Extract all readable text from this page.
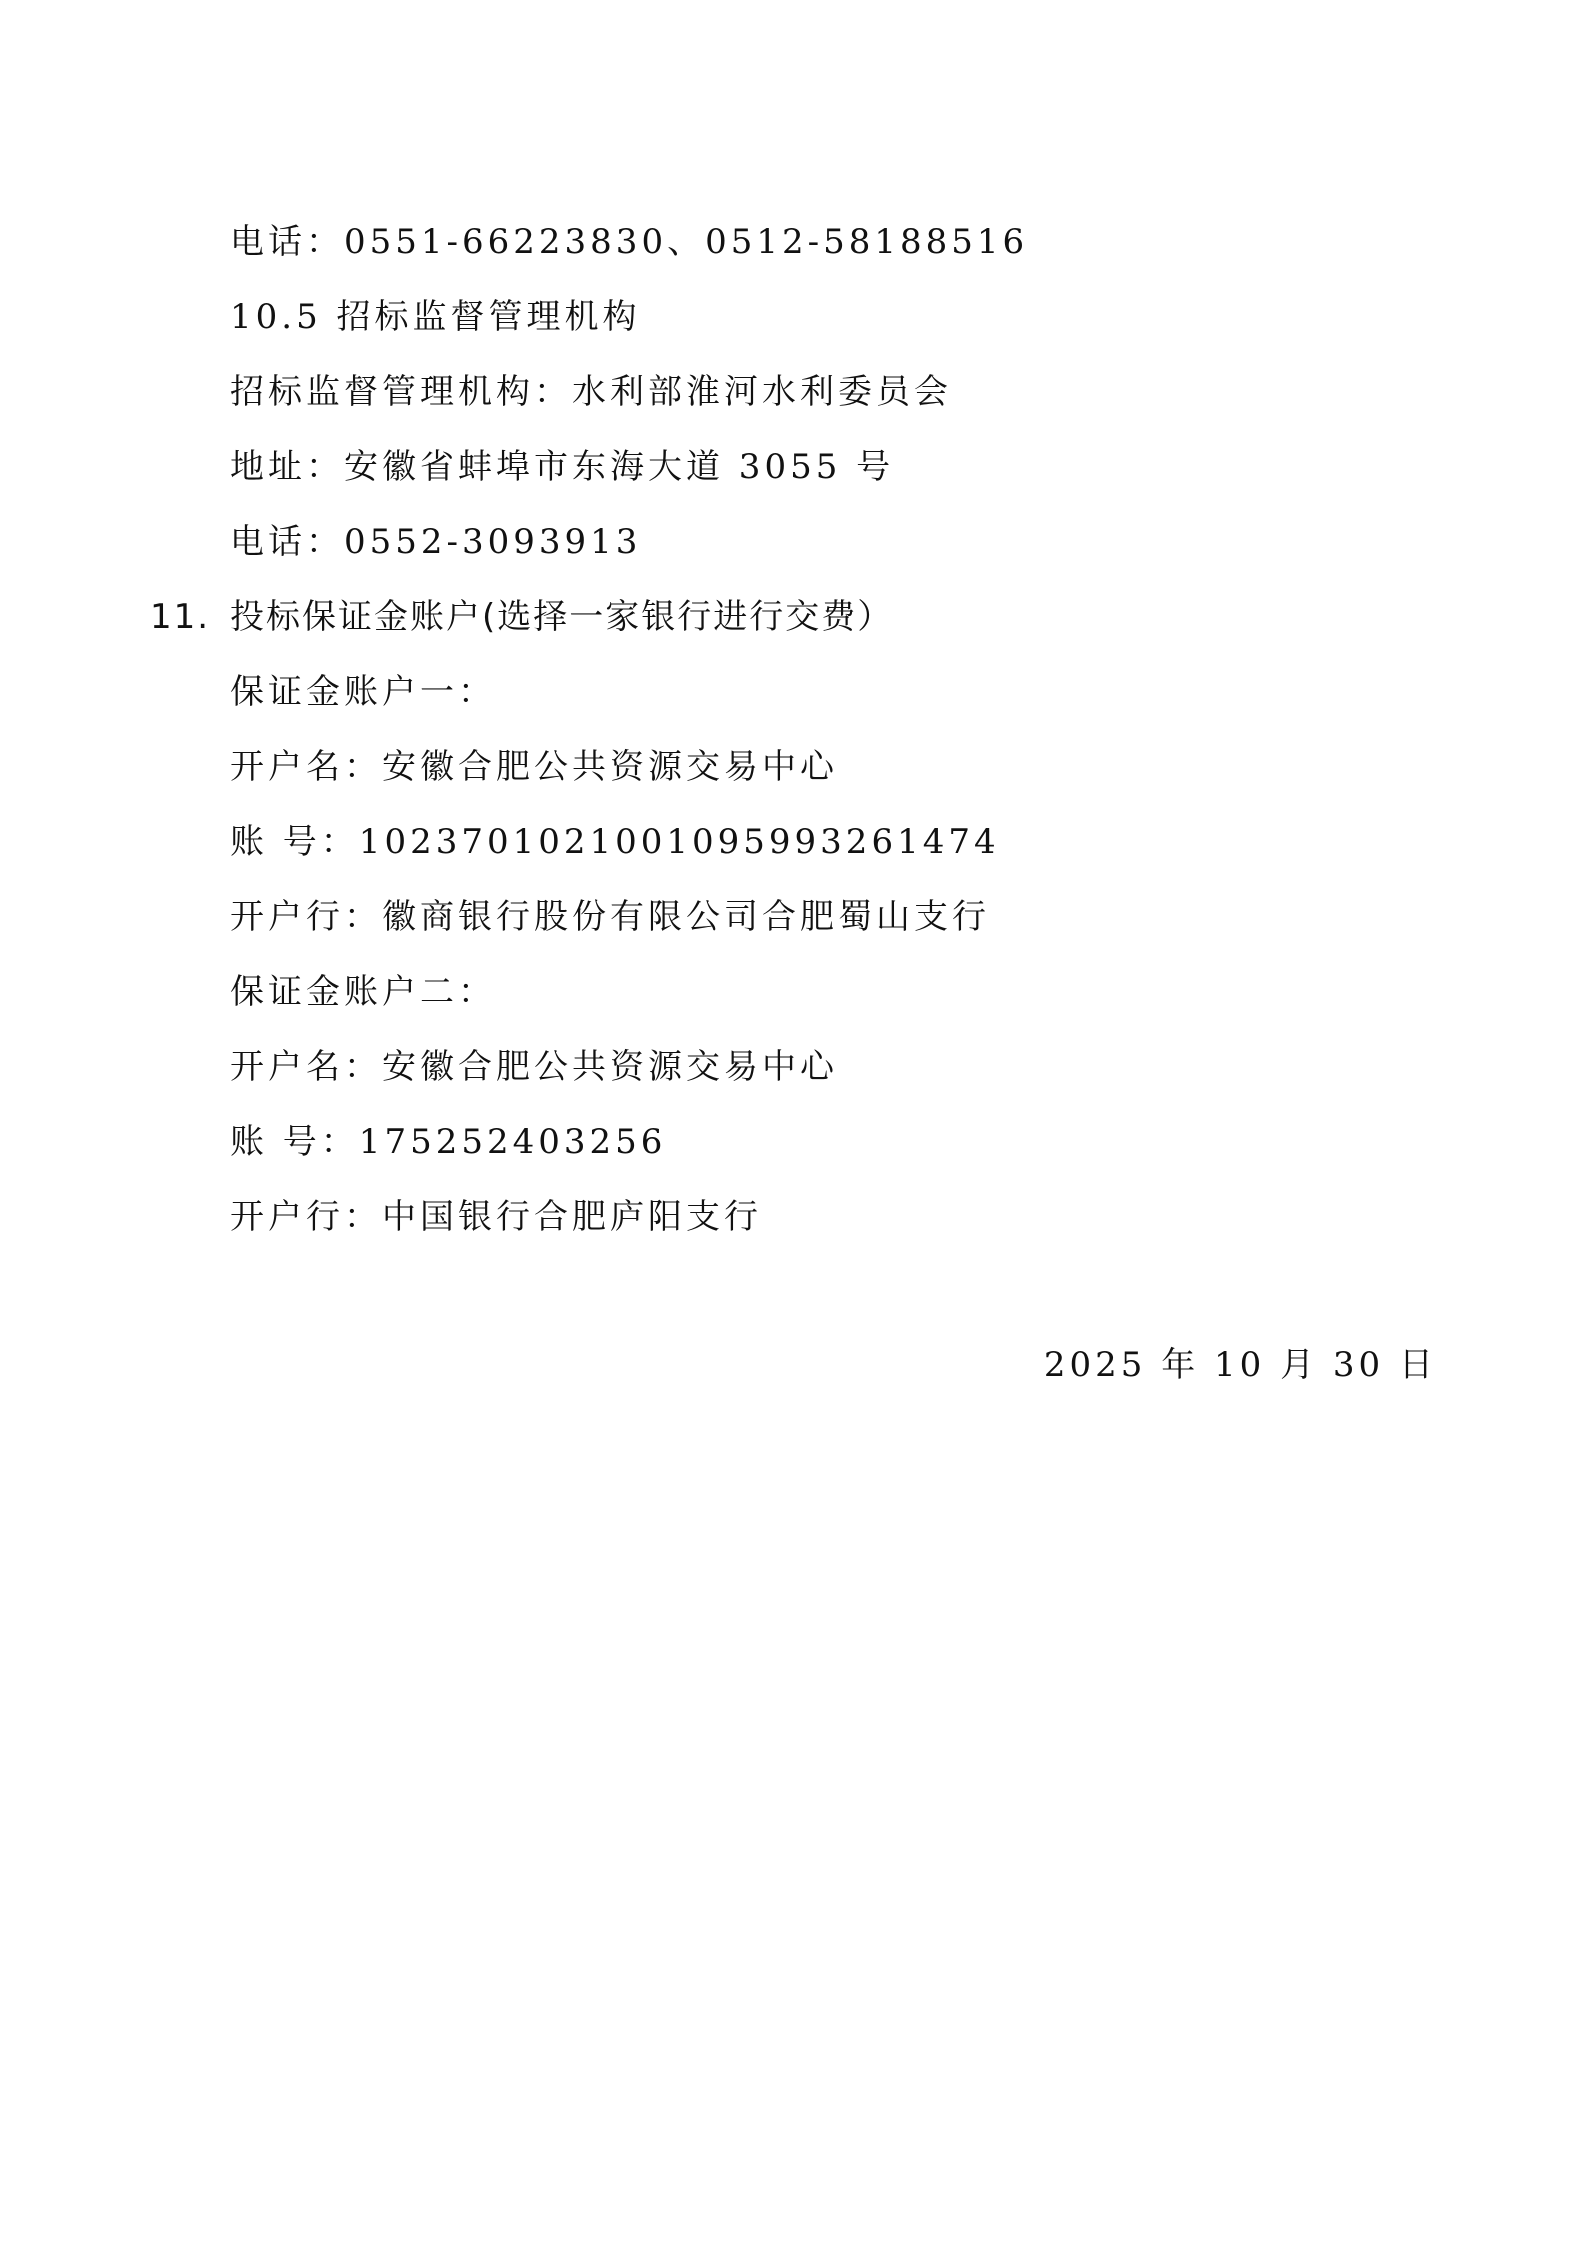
电话：0551-66223830、0512-58188516
10.5 招标监督管理机构
招标监督管理机构：水利部淮河水利委员会
地址：安徽省蚌埠市东海大道 3055 号
电话：0552-3093913
11. 投标保证金账户(选择一家银行进行交费）
保证金账户一：
开户名：安徽合肥公共资源交易中心
账 号：10237010210010959932614​74
开户行：徽商银行股份有限公司合肥蜀山支行
保证金账户二：
开户名：安徽合肥公共资源交易中心
账 号：175252403256
开户行：中国银行合肥庐阳支行
2025 年 10 月 30 日
